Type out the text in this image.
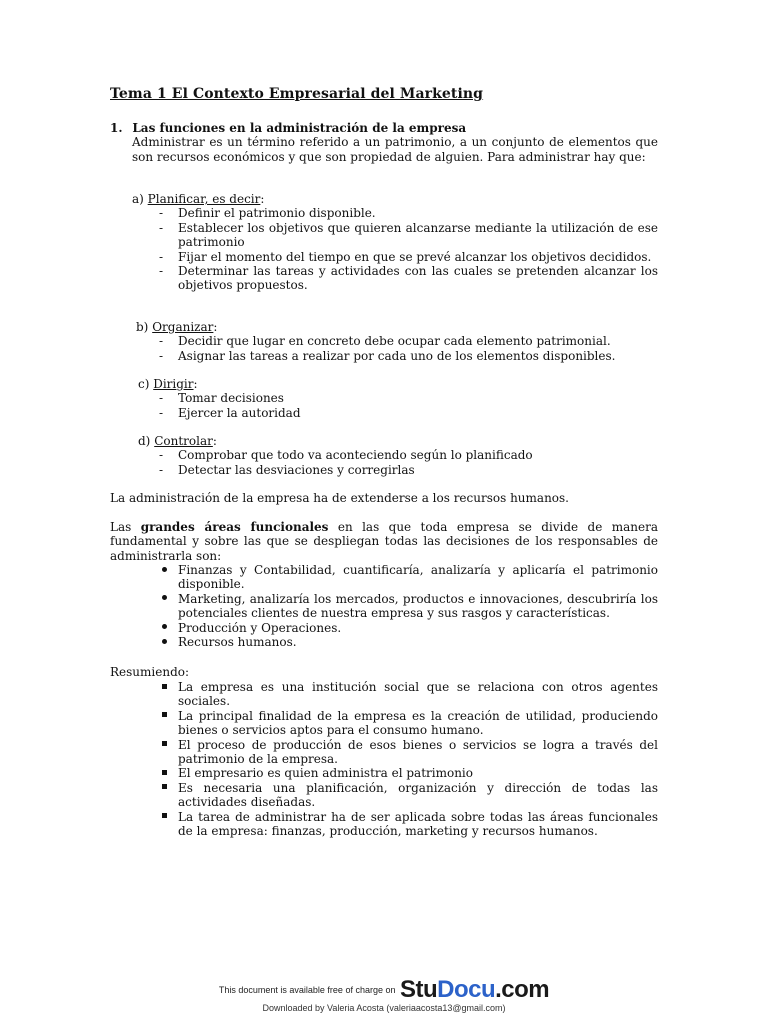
Tema 1 El Contexto Empresarial del Marketing
1. Las funciones en la administración de la empresa
Administrar es un término referido a un patrimonio, a un conjunto de elementos que son recursos económicos y que son propiedad de alguien. Para administrar hay que:
a) Planificar, es decir:
- Definir el patrimonio disponible.
- Establecer los objetivos que quieren alcanzarse mediante la utilización de ese patrimonio
- Fijar el momento del tiempo en que se prevé alcanzar los objetivos decididos.
- Determinar las tareas y actividades con las cuales se pretenden alcanzar los objetivos propuestos.
b) Organizar:
- Decidir que lugar en concreto debe ocupar cada elemento patrimonial.
- Asignar las tareas a realizar por cada uno de los elementos disponibles.
c) Dirigir:
- Tomar decisiones
- Ejercer la autoridad
d) Controlar:
- Comprobar que todo va aconteciendo según lo planificado
- Detectar las desviaciones y corregirlas
La administración de la empresa ha de extenderse a los recursos humanos.
Las grandes áreas funcionales en las que toda empresa se divide de manera fundamental y sobre las que se despliegan todas las decisiones de los responsables de administrarla son:
Finanzas y Contabilidad, cuantificaría, analizaría y aplicaría el patrimonio disponible.
Marketing, analizaría los mercados, productos e innovaciones, descubriría los potenciales clientes de nuestra empresa y sus rasgos y características.
Producción y Operaciones.
Recursos humanos.
Resumiendo:
La empresa es una institución social que se relaciona con otros agentes sociales.
La principal finalidad de la empresa es la creación de utilidad, produciendo bienes o servicios aptos para el consumo humano.
El proceso de producción de esos bienes o servicios se logra a través del patrimonio de la empresa.
El empresario es quien administra el patrimonio
Es necesaria una planificación, organización y dirección de todas las actividades diseñadas.
La tarea de administrar ha de ser aplicada sobre todas las áreas funcionales de la empresa: finanzas, producción, marketing y recursos humanos.
This document is available free of charge on StuDocu.com
Downloaded by Valeria Acosta (valeriaacosta13@gmail.com)
